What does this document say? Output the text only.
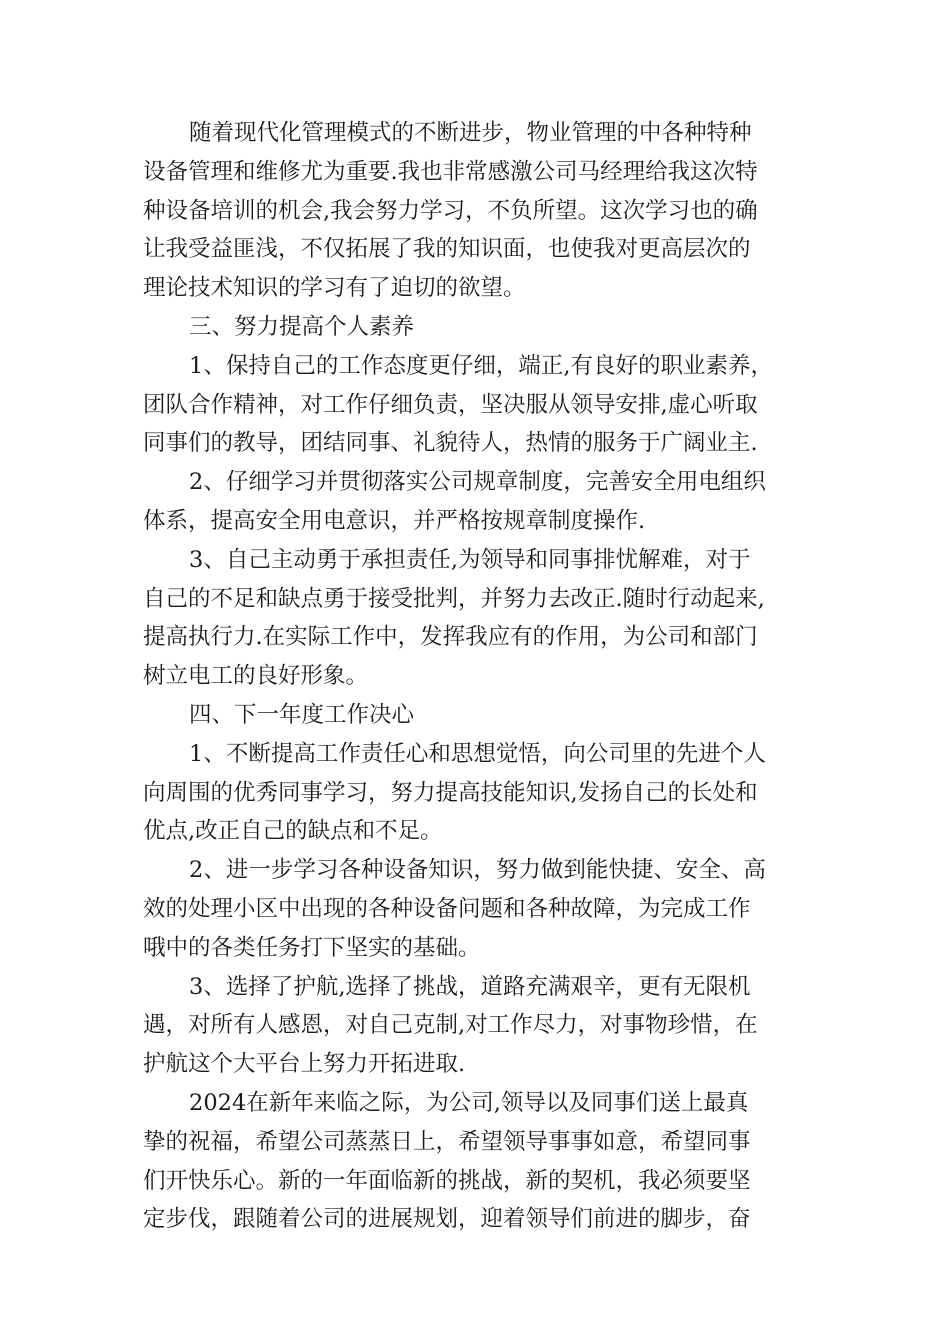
随着现代化管理模式的不断进步，物业管理的中各种特种
设备管理和维修尤为重要.我也非常感激公司马经理给我这次特
种设备培训的机会,我会努力学习，不负所望。这次学习也的确
让我受益匪浅，不仅拓展了我的知识面，也使我对更高层次的
理论技术知识的学习有了迫切的欲望。
三、努力提高个人素养
1、保持自己的工作态度更仔细，端正,有良好的职业素养，
团队合作精神，对工作仔细负责，坚决服从领导安排,虚心听取
同事们的教导，团结同事、礼貌待人，热情的服务于广阔业主.
2、仔细学习并贯彻落实公司规章制度，完善安全用电组织
体系，提高安全用电意识，并严格按规章制度操作.
3、自己主动勇于承担责任,为领导和同事排忧解难，对于
自己的不足和缺点勇于接受批判，并努力去改正.随时行动起来,
提高执行力.在实际工作中，发挥我应有的作用，为公司和部门
树立电工的良好形象。
四、下一年度工作决心
1、不断提高工作责任心和思想觉悟，向公司里的先进个人
向周围的优秀同事学习，努力提高技能知识,发扬自己的长处和
优点,改正自己的缺点和不足。
2、进一步学习各种设备知识，努力做到能快捷、安全、高
效的处理小区中出现的各种设备问题和各种故障，为完成工作
哦中的各类任务打下坚实的基础。
3、选择了护航,选择了挑战，道路充满艰辛，更有无限机
遇，对所有人感恩，对自己克制,对工作尽力，对事物珍惜，在
护航这个大平台上努力开拓进取.
2024在新年来临之际，为公司,领导以及同事们送上最真
挚的祝福，希望公司蒸蒸日上，希望领导事事如意，希望同事
们开快乐心。新的一年面临新的挑战，新的契机，我必须要坚
定步伐，跟随着公司的进展规划，迎着领导们前进的脚步，奋
